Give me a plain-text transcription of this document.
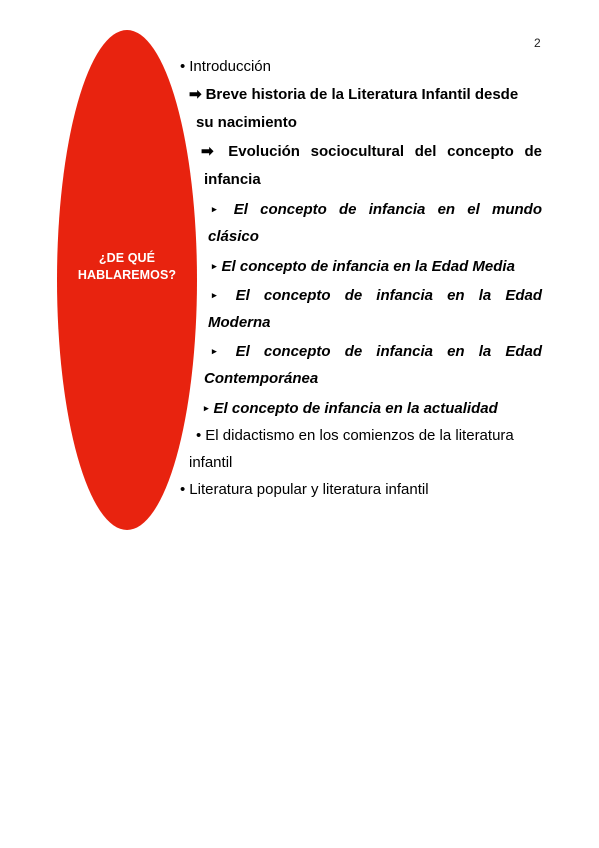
2
¿DE QUÉ
HABLAREMOS?
• Introducción
➡ Breve historia de la Literatura Infantil desde
su nacimiento
➡ Evolución sociocultural del concepto de
infancia
▸ El concepto de infancia en el mundo
clásico
▸ El concepto de infancia en la Edad Media
▸ El concepto de infancia en la Edad
Moderna
▸ El concepto de infancia en la Edad
Contemporánea
▸ El concepto de infancia en la actualidad
• El didactismo en los comienzos de la literatura
infantil
• Literatura popular y literatura infantil
